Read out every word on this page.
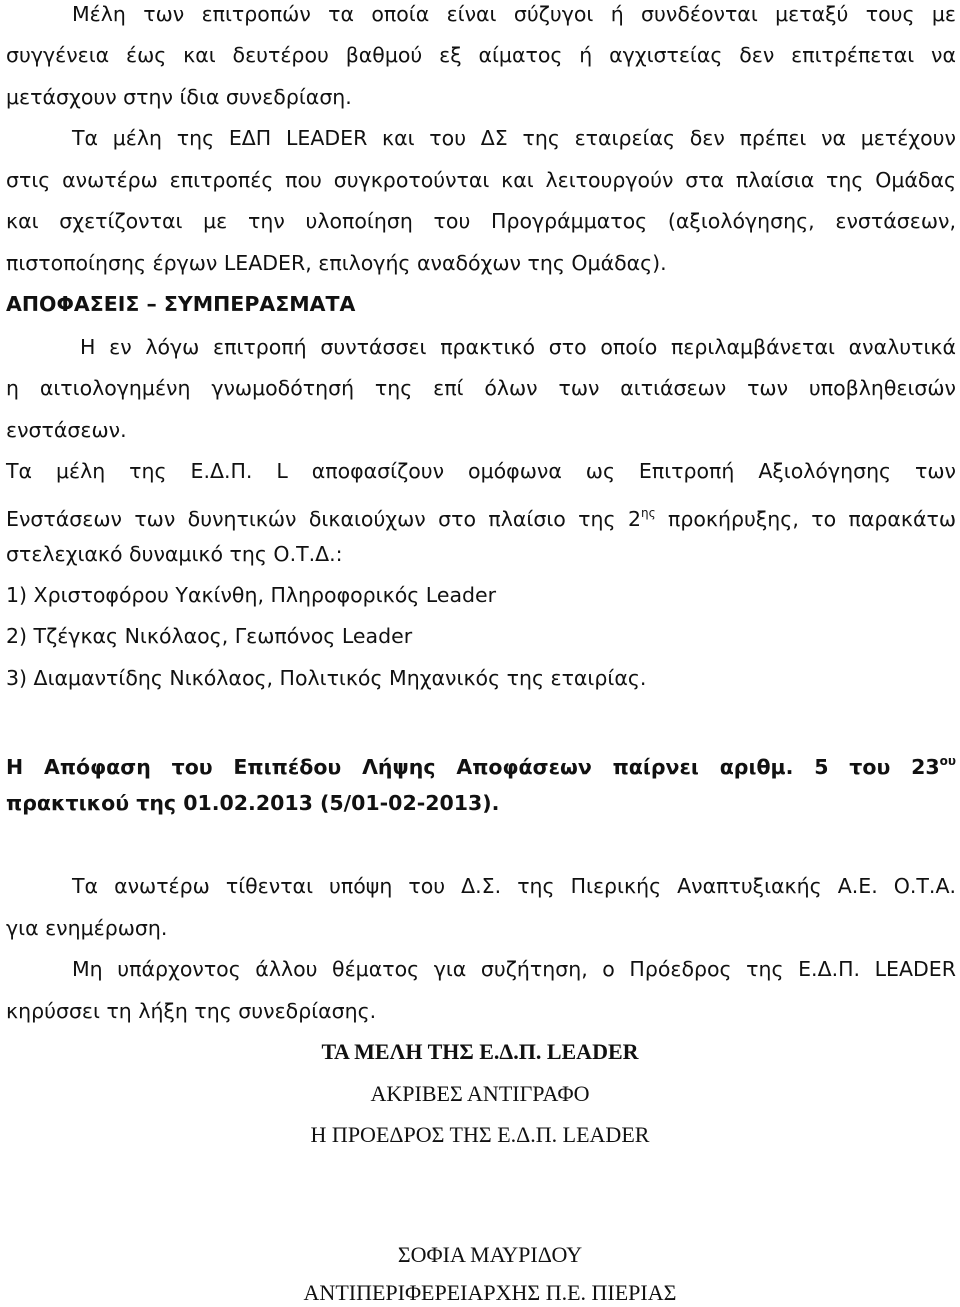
Μέλη των επιτροπών τα οποία είναι σύζυγοι ή συνδέονται μεταξύ τους με
συγγένεια έως και δευτέρου βαθμού εξ αίματος ή αγχιστείας δεν επιτρέπεται να
μετάσχουν στην ίδια συνεδρίαση.
Τα μέλη της ΕΔΠ LEADER και του ΔΣ της εταιρείας δεν πρέπει να μετέχουν
στις ανωτέρω επιτροπές που συγκροτούνται και λειτουργούν στα πλαίσια της Ομάδας
και σχετίζονται με την υλοποίηση του Προγράμματος (αξιολόγησης, ενστάσεων,
πιστοποίησης έργων LEADER, επιλογής αναδόχων της Ομάδας).
ΑΠΟΦΑΣΕΙΣ – ΣΥΜΠΕΡΑΣΜΑΤΑ
Η εν λόγω επιτροπή συντάσσει πρακτικό στο οποίο περιλαμβάνεται αναλυτικά
η αιτιολογημένη γνωμοδότησή της επί όλων των αιτιάσεων των υποβληθεισών
ενστάσεων.
Τα μέλη της Ε.Δ.Π. L αποφασίζουν ομόφωνα ως Επιτροπή Αξιολόγησης των
Ενστάσεων των δυνητικών δικαιούχων στο πλαίσιο της $2^{\eta\varsigma}$ προκήρυξης, το παρακάτω
στελεχιακό δυναμικό της Ο.Τ.Δ.:
1) Χριστοφόρου Υακίνθη, Πληροφορικός Leader
2) Τζέγκας Νικόλαος, Γεωπόνος Leader
3) Διαμαντίδης Νικόλαος, Πολιτικός Μηχανικός της εταιρίας.
Η Απόφαση του Επιπέδου Λήψης Αποφάσεων παίρνει αριθμ. 5 του $23^{o\upsilon}$
πρακτικού της 01.02.2013 (5/01-02-2013).
Τα ανωτέρω τίθενται υπόψη του Δ.Σ. της Πιερικής Αναπτυξιακής Α.Ε. Ο.Τ.Α.
για ενημέρωση.
Μη υπάρχοντος άλλου θέματος για συζήτηση, ο Πρόεδρος της Ε.Δ.Π. LEADER
κηρύσσει τη λήξη της συνεδρίασης.
ΤΑ ΜΕΛΗ ΤΗΣ Ε.Δ.Π. LEADER
ΑΚΡΙΒΕΣ ΑΝΤΙΓΡΑΦΟ
Η ΠΡΟΕΔΡΟΣ ΤΗΣ Ε.Δ.Π. LEADER
ΣΟΦΙΑ ΜΑΥΡΙΔΟΥ
ΑΝΤΙΠΕΡΙΦΕΡΕΙΑΡΧΗΣ Π.Ε. ΠΙΕΡΙΑΣ
